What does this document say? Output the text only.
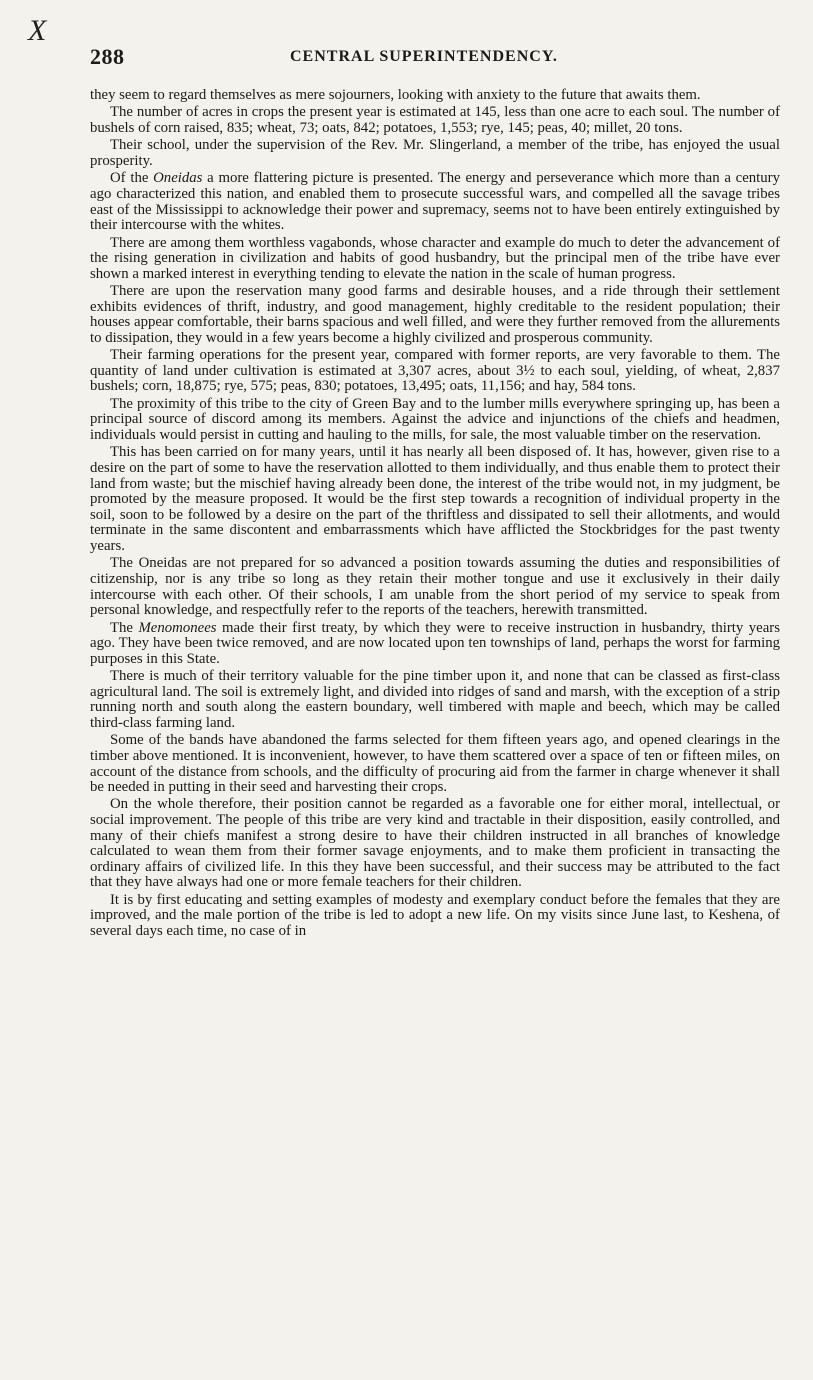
X
288	CENTRAL SUPERINTENDENCY.

they seem to regard themselves as mere sojourners, looking with anxiety to the future that awaits them.

The number of acres in crops the present year is estimated at 145, less than one acre to each soul. The number of bushels of corn raised, 835; wheat, 73; oats, 842; potatoes, 1,553; rye, 145; peas, 40; millet, 20 tons.

Their school, under the supervision of the Rev. Mr. Slingerland, a member of the tribe, has enjoyed the usual prosperity.

Of the Oneidas a more flattering picture is presented. The energy and perseverance which more than a century ago characterized this nation, and enabled them to prosecute successful wars, and compelled all the savage tribes east of the Mississippi to acknowledge their power and supremacy, seems not to have been entirely extinguished by their intercourse with the whites.

There are among them worthless vagabonds, whose character and example do much to deter the advancement of the rising generation in civilization and habits of good husbandry, but the principal men of the tribe have ever shown a marked interest in everything tending to elevate the nation in the scale of human progress.

There are upon the reservation many good farms and desirable houses, and a ride through their settlement exhibits evidences of thrift, industry, and good management, highly creditable to the resident population; their houses appear comfortable, their barns spacious and well filled, and were they further removed from the allurements to dissipation, they would in a few years become a highly civilized and prosperous community.

Their farming operations for the present year, compared with former reports, are very favorable to them. The quantity of land under cultivation is estimated at 3,307 acres, about 3½ to each soul, yielding, of wheat, 2,837 bushels; corn, 18,875; rye, 575; peas, 830; potatoes, 13,495; oats, 11,156; and hay, 584 tons.

The proximity of this tribe to the city of Green Bay and to the lumber mills everywhere springing up, has been a principal source of discord among its members. Against the advice and injunctions of the chiefs and headmen, individuals would persist in cutting and hauling to the mills, for sale, the most valuable timber on the reservation.

This has been carried on for many years, until it has nearly all been disposed of. It has, however, given rise to a desire on the part of some to have the reservation allotted to them individually, and thus enable them to protect their land from waste; but the mischief having already been done, the interest of the tribe would not, in my judgment, be promoted by the measure proposed. It would be the first step towards a recognition of individual property in the soil, soon to be followed by a desire on the part of the thriftless and dissipated to sell their allotments, and would terminate in the same discontent and embarrassments which have afflicted the Stockbridges for the past twenty years.

The Oneidas are not prepared for so advanced a position towards assuming the duties and responsibilities of citizenship, nor is any tribe so long as they retain their mother tongue and use it exclusively in their daily intercourse with each other. Of their schools, I am unable from the short period of my service to speak from personal knowledge, and respectfully refer to the reports of the teachers, herewith transmitted.

The Menomonees made their first treaty, by which they were to receive instruction in husbandry, thirty years ago. They have been twice removed, and are now located upon ten townships of land, perhaps the worst for farming purposes in this State.

There is much of their territory valuable for the pine timber upon it, and none that can be classed as first-class agricultural land. The soil is extremely light, and divided into ridges of sand and marsh, with the exception of a strip running north and south along the eastern boundary, well timbered with maple and beech, which may be called third-class farming land.

Some of the bands have abandoned the farms selected for them fifteen years ago, and opened clearings in the timber above mentioned. It is inconvenient, however, to have them scattered over a space of ten or fifteen miles, on account of the distance from schools, and the difficulty of procuring aid from the farmer in charge whenever it shall be needed in putting in their seed and harvesting their crops.

On the whole therefore, their position cannot be regarded as a favorable one for either moral, intellectual, or social improvement. The people of this tribe are very kind and tractable in their disposition, easily controlled, and many of their chiefs manifest a strong desire to have their children instructed in all branches of knowledge calculated to wean them from their former savage enjoyments, and to make them proficient in transacting the ordinary affairs of civilized life. In this they have been successful, and their success may be attributed to the fact that they have always had one or more female teachers for their children.

It is by first educating and setting examples of modesty and exemplary conduct before the females that they are improved, and the male portion of the tribe is led to adopt a new life. On my visits since June last, to Keshena, of several days each time, no case of in
